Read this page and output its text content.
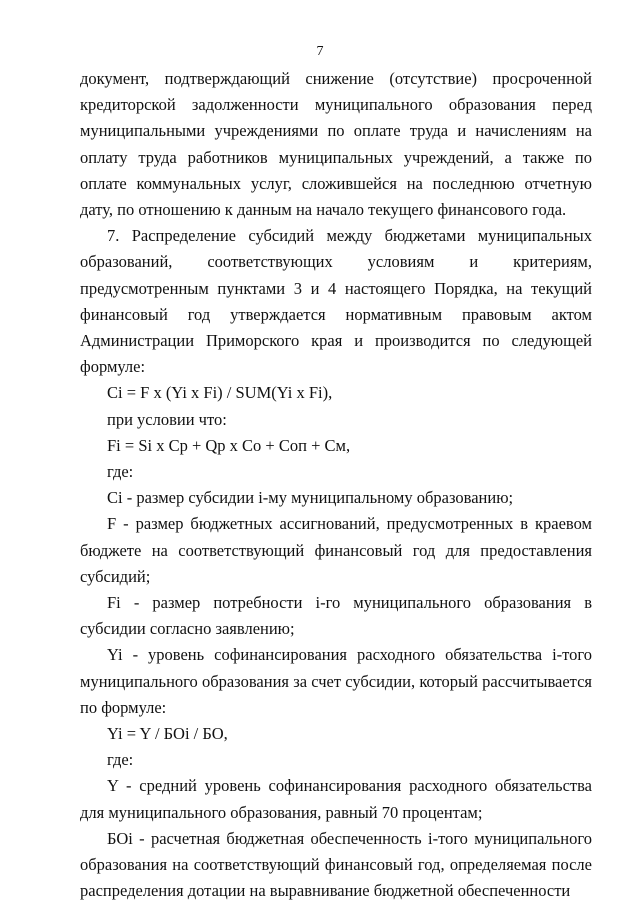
7

документ, подтверждающий снижение (отсутствие) просроченной кредиторской задолженности муниципального образования перед муниципальными учреждениями по оплате труда и начислениям на оплату труда работников муниципальных учреждений, а также по оплате коммунальных услуг, сложившейся на последнюю отчетную дату, по отношению к данным на начало текущего финансового года.

7. Распределение субсидий между бюджетами муниципальных образований, соответствующих условиям и критериям, предусмотренным пунктами 3 и 4 настоящего Порядка, на текущий финансовый год утверждается нормативным правовым актом Администрации Приморского края и производится по следующей формуле:

Ci = F x (Yi x Fi) / SUM(Yi x Fi),

при условии что:

Fi = Si x Cp + Qp x Co + Coп + Cм,

где:

Ci - размер субсидии i-му муниципальному образованию;

F - размер бюджетных ассигнований, предусмотренных в краевом бюджете на соответствующий финансовый год для предоставления субсидий;

Fi - размер потребности i-го муниципального образования в субсидии согласно заявлению;

Yi - уровень софинансирования расходного обязательства i-того муниципального образования за счет субсидии, который рассчитывается по формуле:

Yi = Y / БОi / БО,

где:

Y - средний уровень софинансирования расходного обязательства для муниципального образования, равный 70 процентам;

БОi - расчетная бюджетная обеспеченность i-того муниципального образования на соответствующий финансовый год, определяемая после распределения дотации на выравнивание бюджетной обеспеченности
